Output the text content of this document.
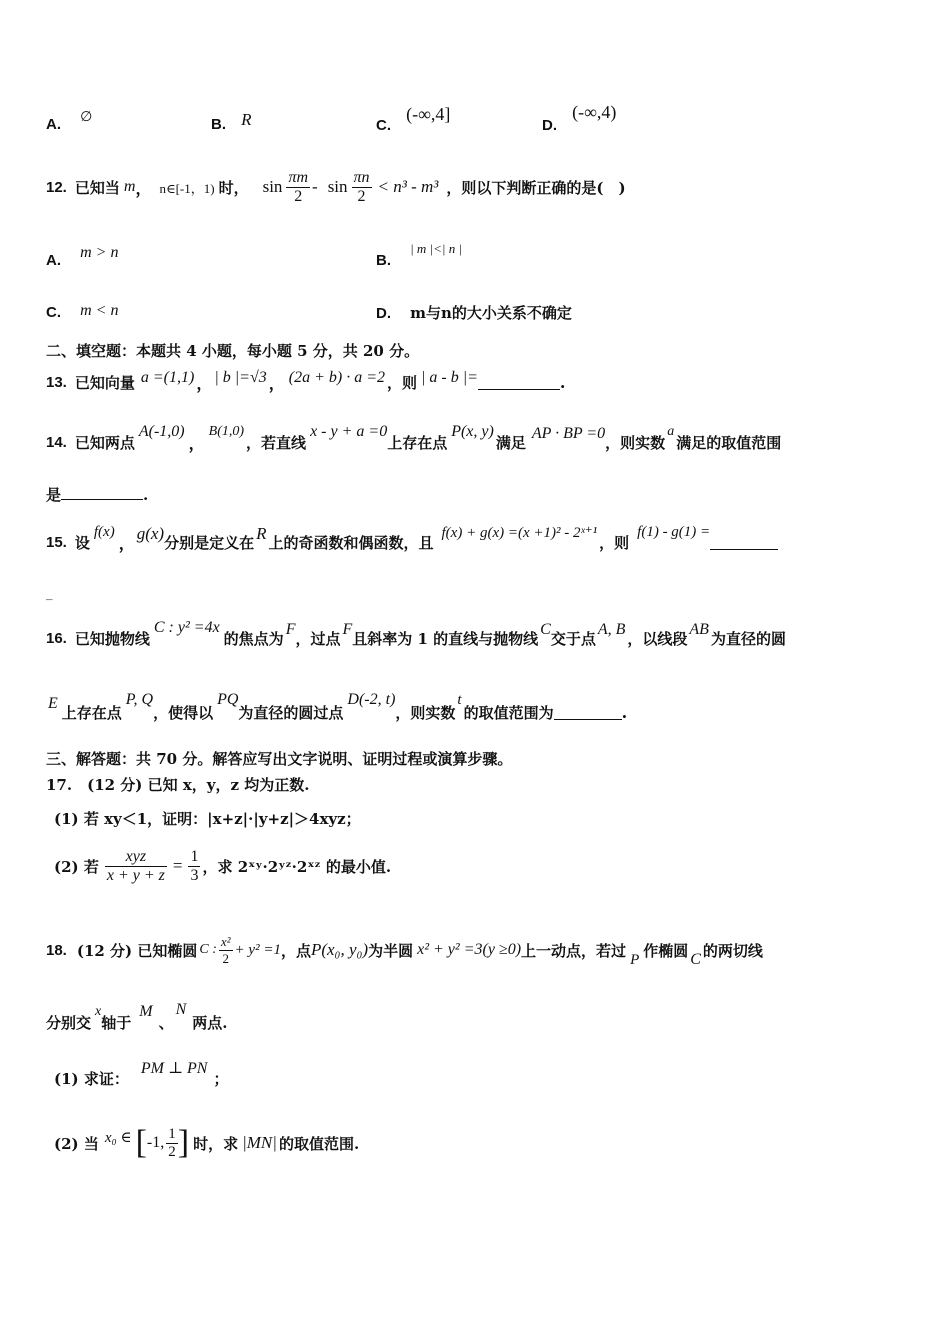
A. ∅	B. R	C. (-∞,4]
D. (-∞,4)
12. 已知当 m ， n∈[-1，1) 时， $\sin \frac{\pi m}{2} - \sin \frac{\pi n}{2} < n^3 - m^3$ ，则以下判断正确的是(　)
A. m > n	B. $^{| m |<| n |}$
C. m < n	D. m与n的大小关系不确定
二、填空题：本题共 4 小题，每小题 5 分，共 20 分。
13. 已知向量 a =(1,1) ， | b |=√3 ， (2a + b) · a =2 ，则 | a - b |=	.
14. 已知两点
A(-1,0)
，
B(1,0)
，若直线
x - y + a =0
上存在点
P(x, y)
满足 AP · BP =0 ，则实数
a
满足的取值范围
是	.
15. 设
f(x)
， g(x) 分别是定义在 R 上的奇函数和偶函数，且
f(x) + g(x) =(x +1)² - 2ˣ⁺¹
，则
f(1) - g(1) =
_
16. 已知抛物线
C : y² =4x
的焦点为 F ，过点 F 且斜率为 1 的直线与抛物线 C 交于点 A, B ，以线段 AB 为直径的圆
E 上存在点
P, Q
，使得以
PQ
为直径的圆过点
D(-2, t)
，则实数
t
的取值范围为	.
三、解答题：共 70 分。解答应写出文字说明、证明过程或演算步骤。
17.　(12 分) 已知 x，y，z 均为正数.
(1) 若 xy＜1，证明：|x+z|·|y+z|＞4xyz；
(2) 若 $\frac{\text{xyz}}{x + y + z} = \frac{1}{3}$ ，求 2ˣʸ·2ʸᶻ·2ˣᶻ 的最小值.
18. (12 分) 已知椭圆 C : $\frac{\text{x²}}{2} + y^2 =1$ ，点 P(x₀, y₀) 为半圆 x² + y² =3(y ≥0) 上一动点，若过 P 作椭圆 C 的两切线
分别交
x
轴于
M
、
N
两点.
(1) 求证：
PM ⊥ PN
；
(2) 当 x₀ ∈ [ -1, $\frac{1}{2}$ ] 时，求 |MN| 的取值范围.
